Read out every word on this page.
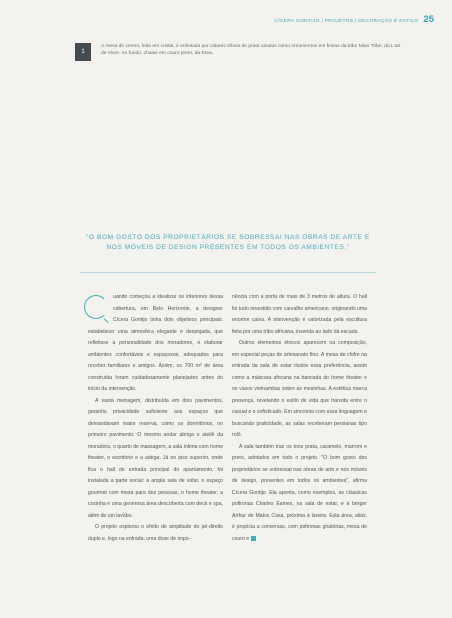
CÍCERA GONTIJO | PROJETOS | DECORAÇÃO E ESTILO 25
1
A mesa de centro, feita em cristal, é enfeitada por colares tribais de prata usados como ornamentos em festas da tribo Miao Tribe, da L'art de Vivre. Ao fundo, chaise em couro preto, da Erea.
“O BOM GOSTO DOS PROPRIETÁRIOS SE SOBRESSAI NAS OBRAS DE ARTE E NOS MÓVEIS DE DESIGN PRESENTES EM TODOS OS AMBIENTES.”

uando começou a idealizar os interiores dessa cobertura, em Belo Horizonte, a designer Cícera Gontijo tinha dois objetivos principais: estabelecer uma atmosfera elegante e despojada, que refletisse a personalidade dos moradores, e elaborar ambientes confortáveis e espaçosos, adequados para receber familiares e amigos. Assim, os 700 m² de área construída foram cuidadosamente planejados antes do início da intervenção.

A vasta metragem, distribuída em dois pavimentos, garantiu privacidade suficiente aos espaços que demandavam maior reserva, como os dormitórios, no primeiro pavimento. O mesmo andar abriga o ateliê da moradora, o quarto de massagem, a sala íntima com home theater, o escritório e a adega. Já no piso superior, onde fica o hall de entrada principal do apartamento, foi instalada a parte social: a ampla sala de estar, o espaço gourmet com mesa para dez pessoas, o home theater, a cozinha e uma generosa área descoberta com deck e spa, além de um lavabo.

O projeto explorou o efeito de amplitude do pé-direito duplo e, logo na entrada, uma dose de impo-

nência com a porta de mais de 3 metros de altura. O hall foi todo revestido com carvalho americano, originando uma enorme caixa. A intervenção é valorizada pela escultura feita por uma tribo africana, inserida ao lado da escada.

Outros elementos étnicos aparecem na composição, em especial peças de artesanato fino. A mesa de chifre na entrada da sala de estar ilustra essa preferência, assim como a máscara africana na bancada do home theater e os vasos vietnamitas sobre as mesinhas. A estética marca presença, revelando o estilo de vida que transita entre o casual e o sofisticado. Em sincronia com essa linguagem e buscando praticidade, as salas receberam persianas tipo rolô.

A sala também traz os tons prata, caramelo, marrom e preto, adotados em todo o projeto. “O bom gosto dos proprietários se sobressai nas obras de arte e nos móveis de design, presentes em todos os ambientes”, afirma Cícera Gontijo. Ela aponta, como exemplos, as clássicas poltronas Charles Eames, na sala de estar, e a bérger Arthur de Matos Casa, próxima à lareira. Esta área, aliás, é propícia a conversas, com poltronas giratórias, mesa de couro e
